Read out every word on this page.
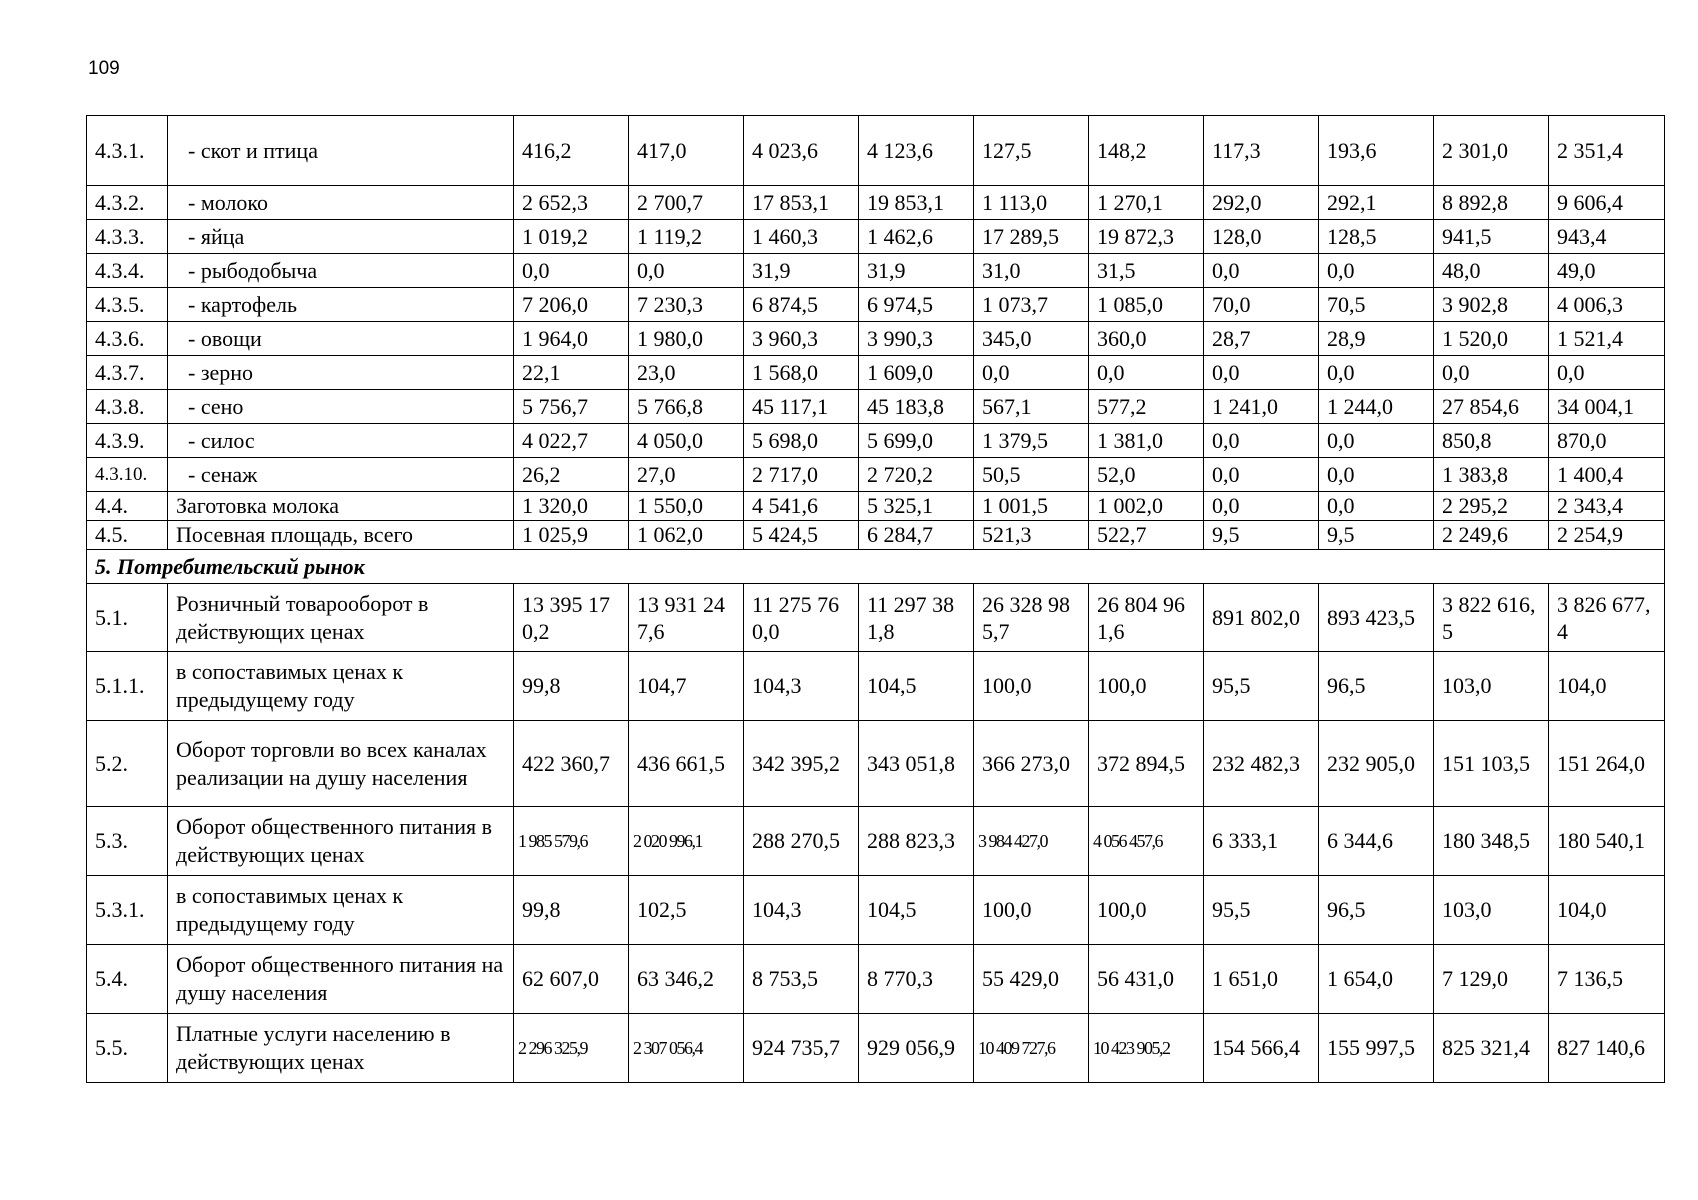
109
4.3.1.	- скот и птица	416,2	417,0	4 023,6	4 123,6	127,5	148,2	117,3	193,6	2 301,0	2 351,4
4.3.2.	- молоко	2 652,3	2 700,7	17 853,1	19 853,1	1 113,0	1 270,1	292,0	292,1	8 892,8	9 606,4
4.3.3.	- яйца	1 019,2	1 119,2	1 460,3	1 462,6	17 289,5	19 872,3	128,0	128,5	941,5	943,4
4.3.4.	- рыбодобыча	0,0	0,0	31,9	31,9	31,0	31,5	0,0	0,0	48,0	49,0
4.3.5.	- картофель	7 206,0	7 230,3	6 874,5	6 974,5	1 073,7	1 085,0	70,0	70,5	3 902,8	4 006,3
4.3.6.	- овощи	1 964,0	1 980,0	3 960,3	3 990,3	345,0	360,0	28,7	28,9	1 520,0	1 521,4
4.3.7.	- зерно	22,1	23,0	1 568,0	1 609,0	0,0	0,0	0,0	0,0	0,0	0,0
4.3.8.	- сено	5 756,7	5 766,8	45 117,1	45 183,8	567,1	577,2	1 241,0	1 244,0	27 854,6	34 004,1
4.3.9.	- силос	4 022,7	4 050,0	5 698,0	5 699,0	1 379,5	1 381,0	0,0	0,0	850,8	870,0
4.3.10.	- сенаж	26,2	27,0	2 717,0	2 720,2	50,5	52,0	0,0	0,0	1 383,8	1 400,4
4.4.	Заготовка молока	1 320,0	1 550,0	4 541,6	5 325,1	1 001,5	1 002,0	0,0	0,0	2 295,2	2 343,4
4.5.	Посевная площадь, всего	1 025,9	1 062,0	5 424,5	6 284,7	521,3	522,7	9,5	9,5	2 249,6	2 254,9
5. Потребительский рынок											
5.1.	Розничный товарооборот в действующих ценах	13 395 170,2	13 931 247,6	11 275 760,0	11 297 381,8	26 328 985,7	26 804 961,6	891 802,0	893 423,5	3 822 616,5	3 826 677,4
5.1.1.	в сопоставимых ценах к предыдущему году	99,8	104,7	104,3	104,5	100,0	100,0	95,5	96,5	103,0	104,0
5.2.	Оборот торговли во всех каналах реализации на душу населения	422 360,7	436 661,5	342 395,2	343 051,8	366 273,0	372 894,5	232 482,3	232 905,0	151 103,5	151 264,0
5.3.	Оборот общественного питания в действующих ценах	1 985 579,6	2 020 996,1	288 270,5	288 823,3	3 984 427,0	4 056 457,6	6 333,1	6 344,6	180 348,5	180 540,1
5.3.1.	в сопоставимых ценах к предыдущему году	99,8	102,5	104,3	104,5	100,0	100,0	95,5	96,5	103,0	104,0
5.4.	Оборот общественного питания на душу населения	62 607,0	63 346,2	8 753,5	8 770,3	55 429,0	56 431,0	1 651,0	1 654,0	7 129,0	7 136,5
5.5.	Платные услуги населению в действующих ценах	2 296 325,9	2 307 056,4	924 735,7	929 056,9	10 409 727,6	10 423 905,2	154 566,4	155 997,5	825 321,4	827 140,6
